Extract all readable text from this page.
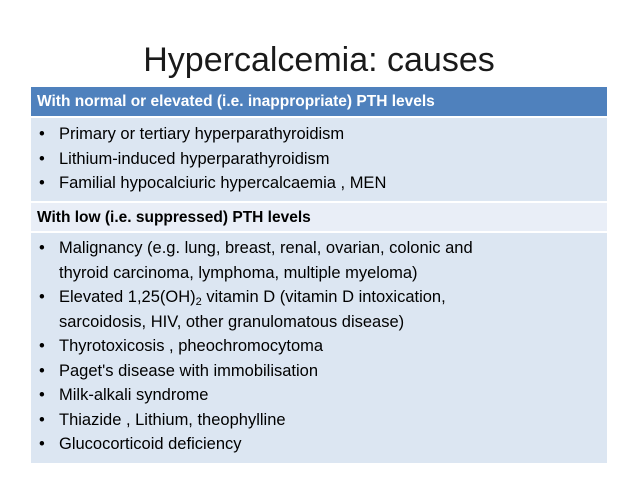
Hypercalcemia: causes
With normal or elevated (i.e. inappropriate) PTH levels
• Primary or tertiary hyperparathyroidism
• Lithium-induced hyperparathyroidism
• Familial hypocalciuric hypercalcaemia , MEN
With low (i.e. suppressed) PTH levels
• Malignancy (e.g. lung, breast, renal, ovarian, colonic and
thyroid carcinoma, lymphoma, multiple myeloma)
• Elevated $1,25(OH)_2$ vitamin D (vitamin D intoxication,
sarcoidosis, HIV, other granulomatous disease)
• Thyrotoxicosis , pheochromocytoma
• Paget's disease with immobilisation
• Milk-alkali syndrome
• Thiazide , Lithium, theophylline
• Glucocorticoid deficiency
